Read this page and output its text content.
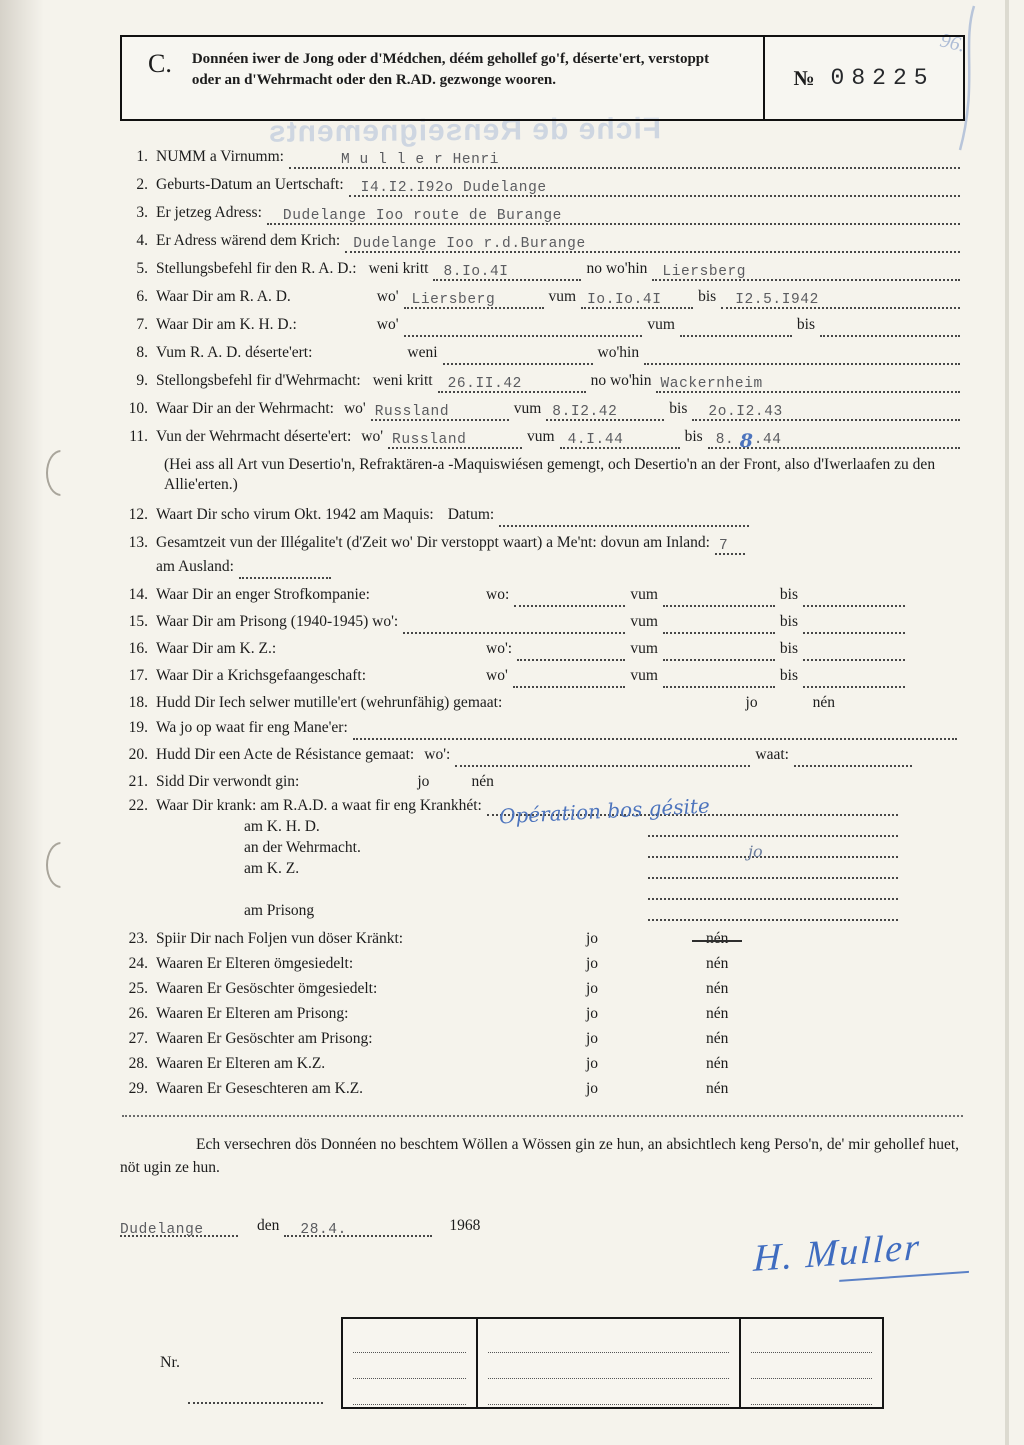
Fiche de Renseignements
96.
C.	Donnéen iwer de Jong oder d'Médchen, déém gehollef go'f, déserte'ert, verstoppt oder an d'Wehrmacht oder den R.AD. gezwonge wooren.	№ 08225
1. NUMM a Virnumm:	M u l l e r Henri
2. Geburts-Datum an Uertschaft: I4.I2.I92o Dudelange
3. Er jetzeg Adress: Dudelange Ioo route de Burange
4. Er Adress wärend dem Krich: Dudelange Ioo r.d.Burange
5. Stellungsbefehl fir den R. A. D.: weni kritt 8.Io.4I	no wo'hin Liersberg
6. Waar Dir am R. A. D.	wo' Liersberg	vum Io.Io.4I bis I2.5.I942
7. Waar Dir am K. H. D.:	wo'	vum	bis
8. Vum R. A. D. déserte'ert:	weni	wo'hin
9. Stellongsbefehl fir d'Wehrmacht: weni kritt 26.II.42	no wo'hin Wackernheim
10. Waar Dir an der Wehrmacht: wo' Russland	vum 8.I2.42	bis 2o.I2.43
11. Vun der Wehrmacht déserte'ert: wo' Russland	vum 4.I.44	bis 8. 8 .44
(Hei ass all Art vun Desertio'n, Refraktären-a -Maquiswiésen gemengt, och Desertio'n an der Front, also d'Iwerlaafen zu den Allie'erten.)
12. Waart Dir scho virum Okt. 1942 am Maquis: Datum:
13. Gesamtzeit vun der Illégalite't (d'Zeit wo' Dir verstoppt waart) a Me'nt: dovun am Inland: 7
am Ausland:
14. Waar Dir an enger Strofkompanie:	wo:	vum	bis
15. Waar Dir am Prisong (1940-1945) wo':	vum	bis
16. Waar Dir am K. Z.:	wo':	vum	bis
17. Waar Dir a Krichsgefaangeschaft:	wo'	vum	bis
18. Hudd Dir Iech selwer mutille'ert (wehrunfähig) gemaat:	jo	nén
19. Wa jo op waat fir eng Mane'er:
20. Hudd Dir een Acte de Résistance gemaat: wo':	waat:
21. Sidd Dir verwondt gin:	jo	nén
22. Waar Dir krank: am R.A.D. a waat fir eng Krankhét: Opération bos gésite
am K. H. D.
an der Wehrmacht.	jo
am K. Z.
am Prisong
23. Spiir Dir nach Foljen vun döser Kränkt:	jo	nén
24. Waaren Er Elteren ömgesiedelt:	jo	nén
25. Waaren Er Gesöschter ömgesiedelt:	jo	nén
26. Waaren Er Elteren am Prisong:	jo	nén
27. Waaren Er Gesöschter am Prisong:	jo	nén
28. Waaren Er Elteren am K.Z.	jo	nén
29. Waaren Er Geseschteren am K.Z.	jo	nén

Ech versechren dös Donnéen no beschtem Wöllen a Wössen gin ze hun, an absichtlech keng Perso'n, de' mir gehollef huet, nöt ugin ze hun.

Dudelange	den 28.4.	1968
H. Muller
Nr.
